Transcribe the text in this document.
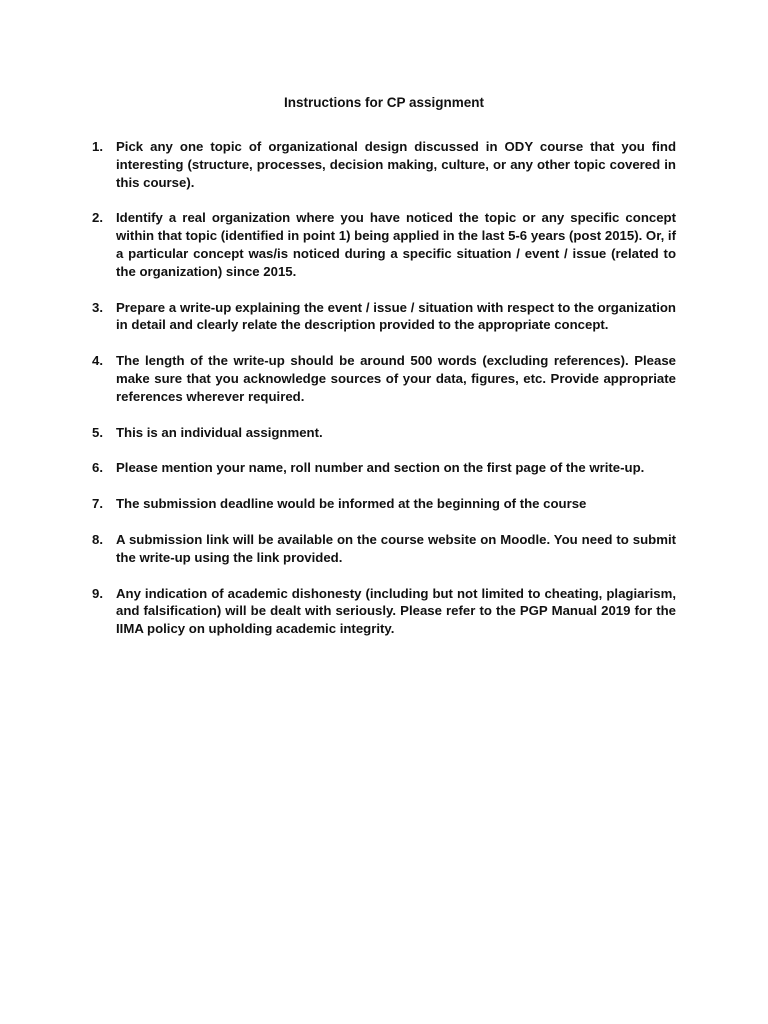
Instructions for CP assignment
1. Pick any one topic of organizational design discussed in ODY course that you find interesting (structure, processes, decision making, culture, or any other topic covered in this course).
2. Identify a real organization where you have noticed the topic or any specific concept within that topic (identified in point 1) being applied in the last 5-6 years (post 2015). Or, if a particular concept was/is noticed during a specific situation / event / issue (related to the organization) since 2015.
3. Prepare a write-up explaining the event / issue / situation with respect to the organization in detail and clearly relate the description provided to the appropriate concept.
4. The length of the write-up should be around 500 words (excluding references). Please make sure that you acknowledge sources of your data, figures, etc. Provide appropriate references wherever required.
5. This is an individual assignment.
6. Please mention your name, roll number and section on the first page of the write-up.
7. The submission deadline would be informed at the beginning of the course
8. A submission link will be available on the course website on Moodle. You need to submit the write-up using the link provided.
9. Any indication of academic dishonesty (including but not limited to cheating, plagiarism, and falsification) will be dealt with seriously. Please refer to the PGP Manual 2019 for the IIMA policy on upholding academic integrity.
